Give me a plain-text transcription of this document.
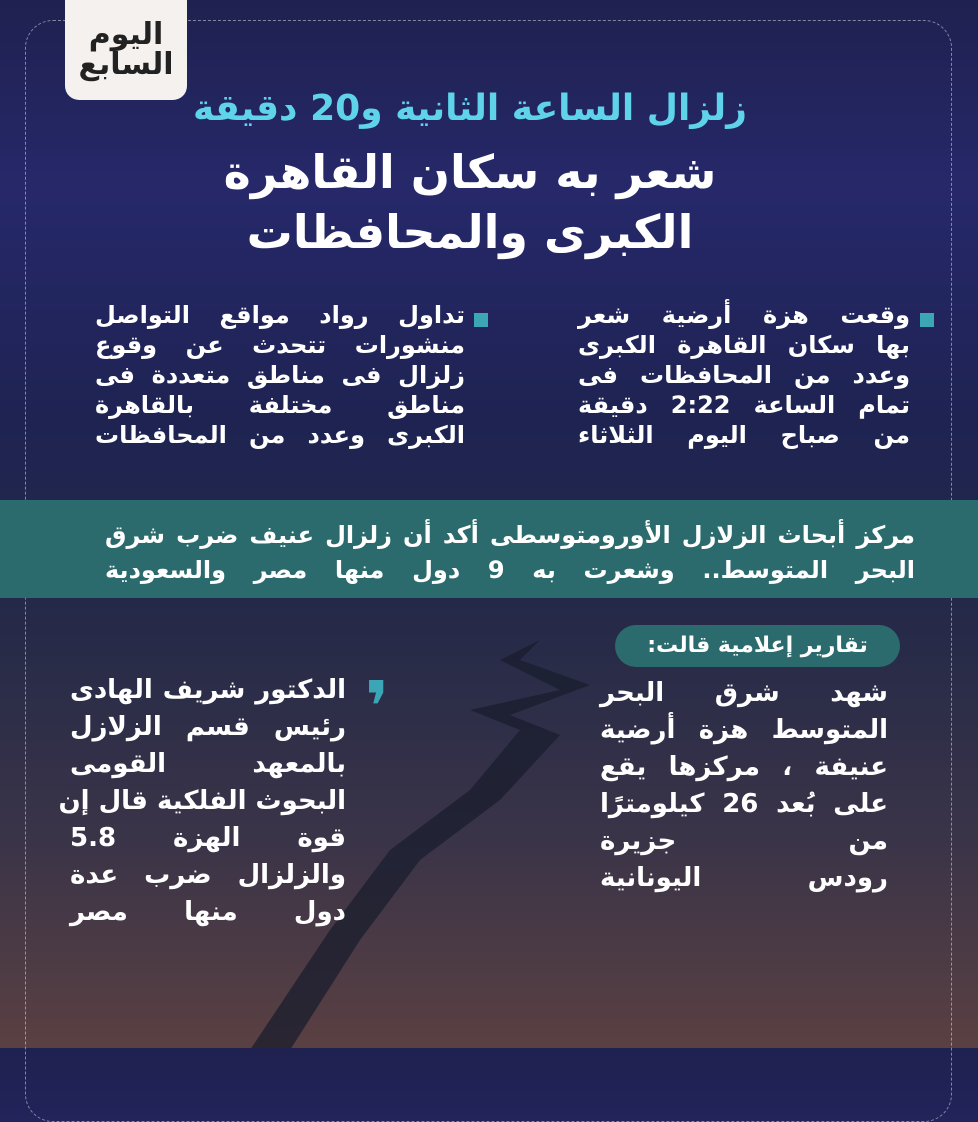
اليوم
السابع
زلزال الساعة الثانية و20 دقيقة
شعر به سكان القاهرة
الكبرى والمحافظات
وقعت هزة أرضية شعر
بها سكان القاهرة الكبرى
وعدد من المحافظات فى
تمام الساعة 2:22 دقيقة
من صباح اليوم الثلاثاء
تداول رواد مواقع التواصل
منشورات تتحدث عن وقوع
زلزال فى مناطق متعددة فى
مناطق مختلفة بالقاهرة
الكبرى وعدد من المحافظات
مركز أبحاث الزلازل الأورومتوسطى أكد أن زلزال عنيف ضرب شرق
البحر المتوسط.. وشعرت به 9 دول منها مصر والسعودية
تقارير إعلامية قالت:
شهد شرق البحر
المتوسط هزة أرضية
عنيفة ، مركزها يقع
على بُعد 26 كيلومترًا
من جزيرة
رودس اليونانية
❜
الدكتور شريف الهادى
رئيس قسم الزلازل
بالمعهد القومى
البحوث الفلكية قال إن
قوة الهزة 5.8
والزلزال ضرب عدة
دول منها مصر
